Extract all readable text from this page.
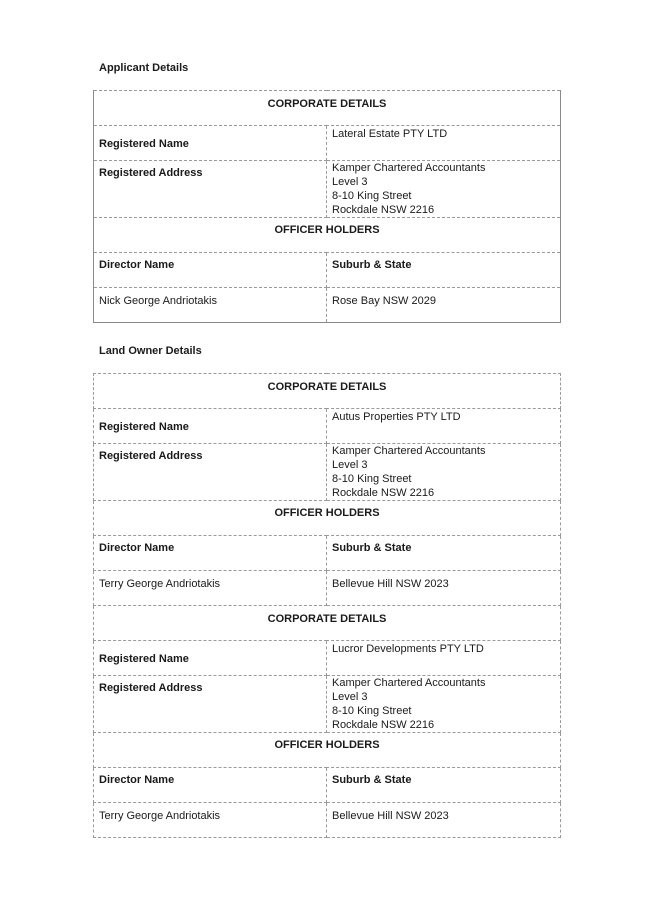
Applicant Details
CORPORATE DETAILS	

Registered Name	Lateral Estate PTY LTD

Registered Address	Kamper Chartered Accountants
Level 3
8-10 King Street
Rockdale NSW 2216

OFFICER HOLDERS	

Director Name	Suburb & State

Nick George Andriotakis	Rose Bay NSW 2029
Land Owner Details
CORPORATE DETAILS	

Registered Name	Autus Properties PTY LTD

Registered Address	Kamper Chartered Accountants
Level 3
8-10 King Street
Rockdale NSW 2216

OFFICER HOLDERS	

Director Name	Suburb & State

Terry George Andriotakis	Bellevue Hill NSW 2023

CORPORATE DETAILS	

Registered Name	Lucror Developments PTY LTD

Registered Address	Kamper Chartered Accountants
Level 3
8-10 King Street
Rockdale NSW 2216

OFFICER HOLDERS	

Director Name	Suburb & State

Terry George Andriotakis	Bellevue Hill NSW 2023
